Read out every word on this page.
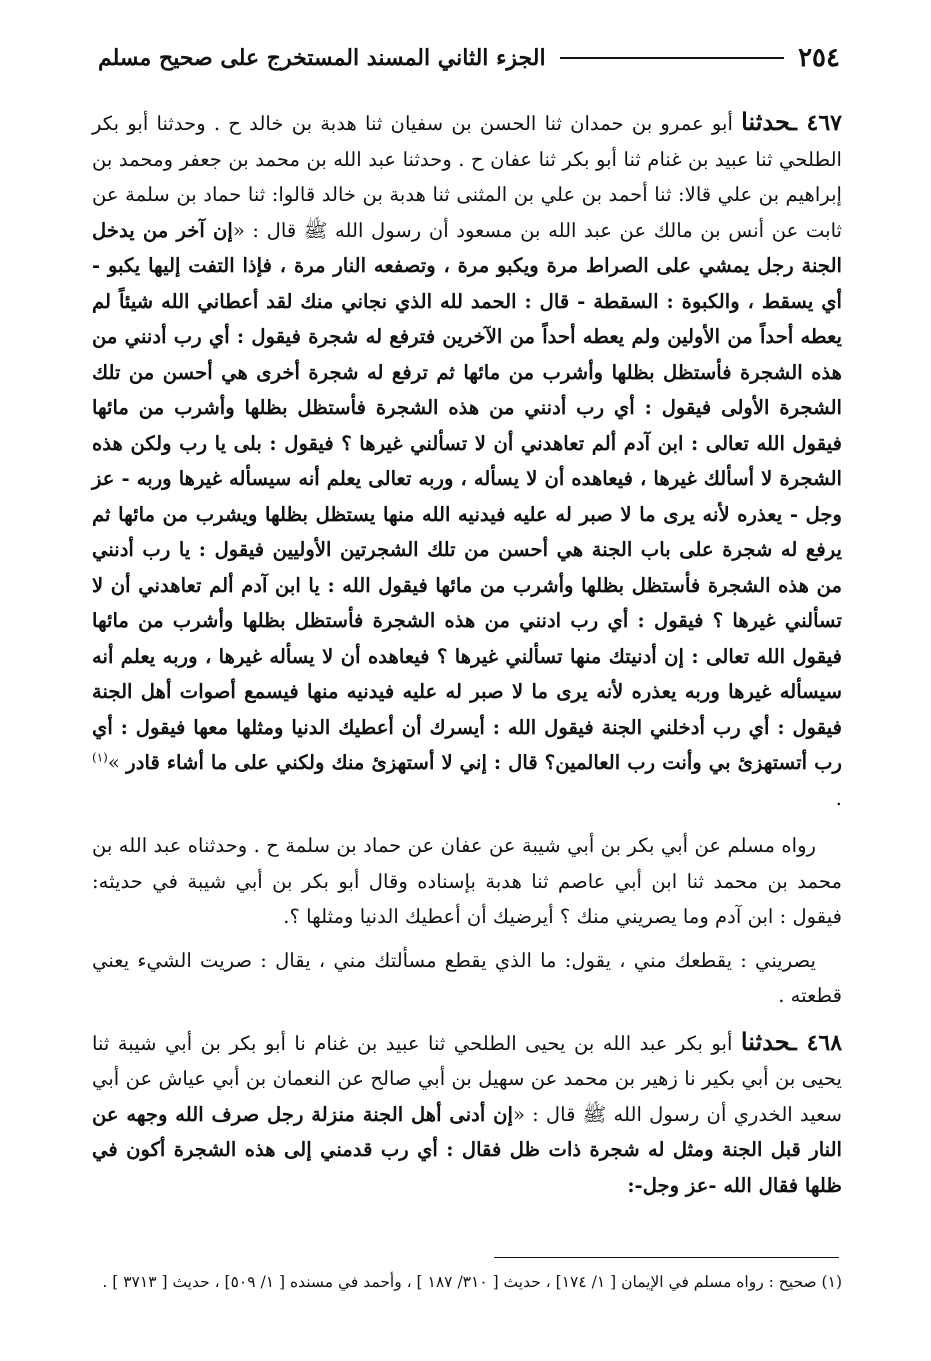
٢٥٤
الجزء الثاني المسند المستخرج على صحيح مسلم

٤٦٧ ـحدثنا أبو عمرو بن حمدان ثنا الحسن بن سفيان ثنا هدبة بن خالد ح . وحدثنا أبو بكر الطلحي ثنا عبيد بن غنام ثنا أبو بكر ثنا عفان ح . وحدثنا عبد الله بن محمد بن جعفر ومحمد بن إبراهيم بن علي قالا: ثنا أحمد بن علي بن المثنى ثنا هدبة بن خالد قالوا: ثنا حماد بن سلمة عن ثابت عن أنس بن مالك عن عبد الله بن مسعود أن رسول الله ﷺ قال : «إن آخر من يدخل الجنة رجل يمشي على الصراط مرة ويكبو مرة ، وتصفعه النار مرة ، فإذا التفت إليها يكبو - أي يسقط ، والكبوة : السقطة - قال : الحمد لله الذي نجاني منك لقد أعطاني الله شيئاً لم يعطه أحداً من الأولين ولم يعطه أحداً من الآخرين فترفع له شجرة فيقول : أي رب أدنني من هذه الشجرة فأستظل بظلها وأشرب من مائها ثم ترفع له شجرة أخرى هي أحسن من تلك الشجرة الأولى فيقول : أي رب أدنني من هذه الشجرة فأستظل بظلها وأشرب من مائها فيقول الله تعالى : ابن آدم ألم تعاهدني أن لا تسألني غيرها ؟ فيقول : بلى يا رب ولكن هذه الشجرة لا أسألك غيرها ، فيعاهده أن لا يسأله ، وربه تعالى يعلم أنه سيسأله غيرها وربه - عز وجل - يعذره لأنه يرى ما لا صبر له عليه فيدنيه الله منها يستظل بظلها ويشرب من مائها ثم يرفع له شجرة على باب الجنة هي أحسن من تلك الشجرتين الأوليين فيقول : يا رب أدنني من هذه الشجرة فأستظل بظلها وأشرب من مائها فيقول الله : يا ابن آدم ألم تعاهدني أن لا تسألني غيرها ؟ فيقول : أي رب ادنني من هذه الشجرة فأستظل بظلها وأشرب من مائها فيقول الله تعالى : إن أدنيتك منها تسألني غيرها ؟ فيعاهده أن لا يسأله غيرها ، وربه يعلم أنه سيسأله غيرها وربه يعذره لأنه يرى ما لا صبر له عليه فيدنيه منها فيسمع أصوات أهل الجنة فيقول : أي رب أدخلني الجنة فيقول الله : أيسرك أن أعطيك الدنيا ومثلها معها فيقول : أي رب أتستهزئ بي وأنت رب العالمين؟ قال : إني لا أستهزئ منك ولكني على ما أشاء قادر »$^{(١)}$ .

رواه مسلم عن أبي بكر بن أبي شيبة عن عفان عن حماد بن سلمة ح . وحدثناه عبد الله بن محمد بن محمد ثنا ابن أبي عاصم ثنا هدبة بإسناده وقال أبو بكر بن أبي شيبة في حديثه: فيقول : ابن آدم وما يصريني منك ؟ أيرضيك أن أعطيك الدنيا ومثلها ؟.

يصريني : يقطعك مني ، يقول: ما الذي يقطع مسألتك مني ، يقال : صريت الشيء يعني قطعته .

٤٦٨ ـحدثنا أبو بكر عبد الله بن يحيى الطلحي ثنا عبيد بن غنام نا أبو بكر بن أبي شيبة ثنا يحيى بن أبي بكير نا زهير بن محمد عن سهيل بن أبي صالح عن النعمان بن أبي عياش عن أبي سعيد الخدري أن رسول الله ﷺ قال : «إن أدنى أهل الجنة منزلة رجل صرف الله وجهه عن النار قبل الجنة ومثل له شجرة ذات ظل فقال : أي رب قدمني إلى هذه الشجرة أكون في ظلها فقال الله -عز وجل-:

(١) صحيح : رواه مسلم في الإيمان [ ١/ ١٧٤] ، حديث [ ٣١٠/ ١٨٧ ] ، وأحمد في مسنده [ ١/ ٥٠٩] ، حديث [ ٣٧١٣ ] .
